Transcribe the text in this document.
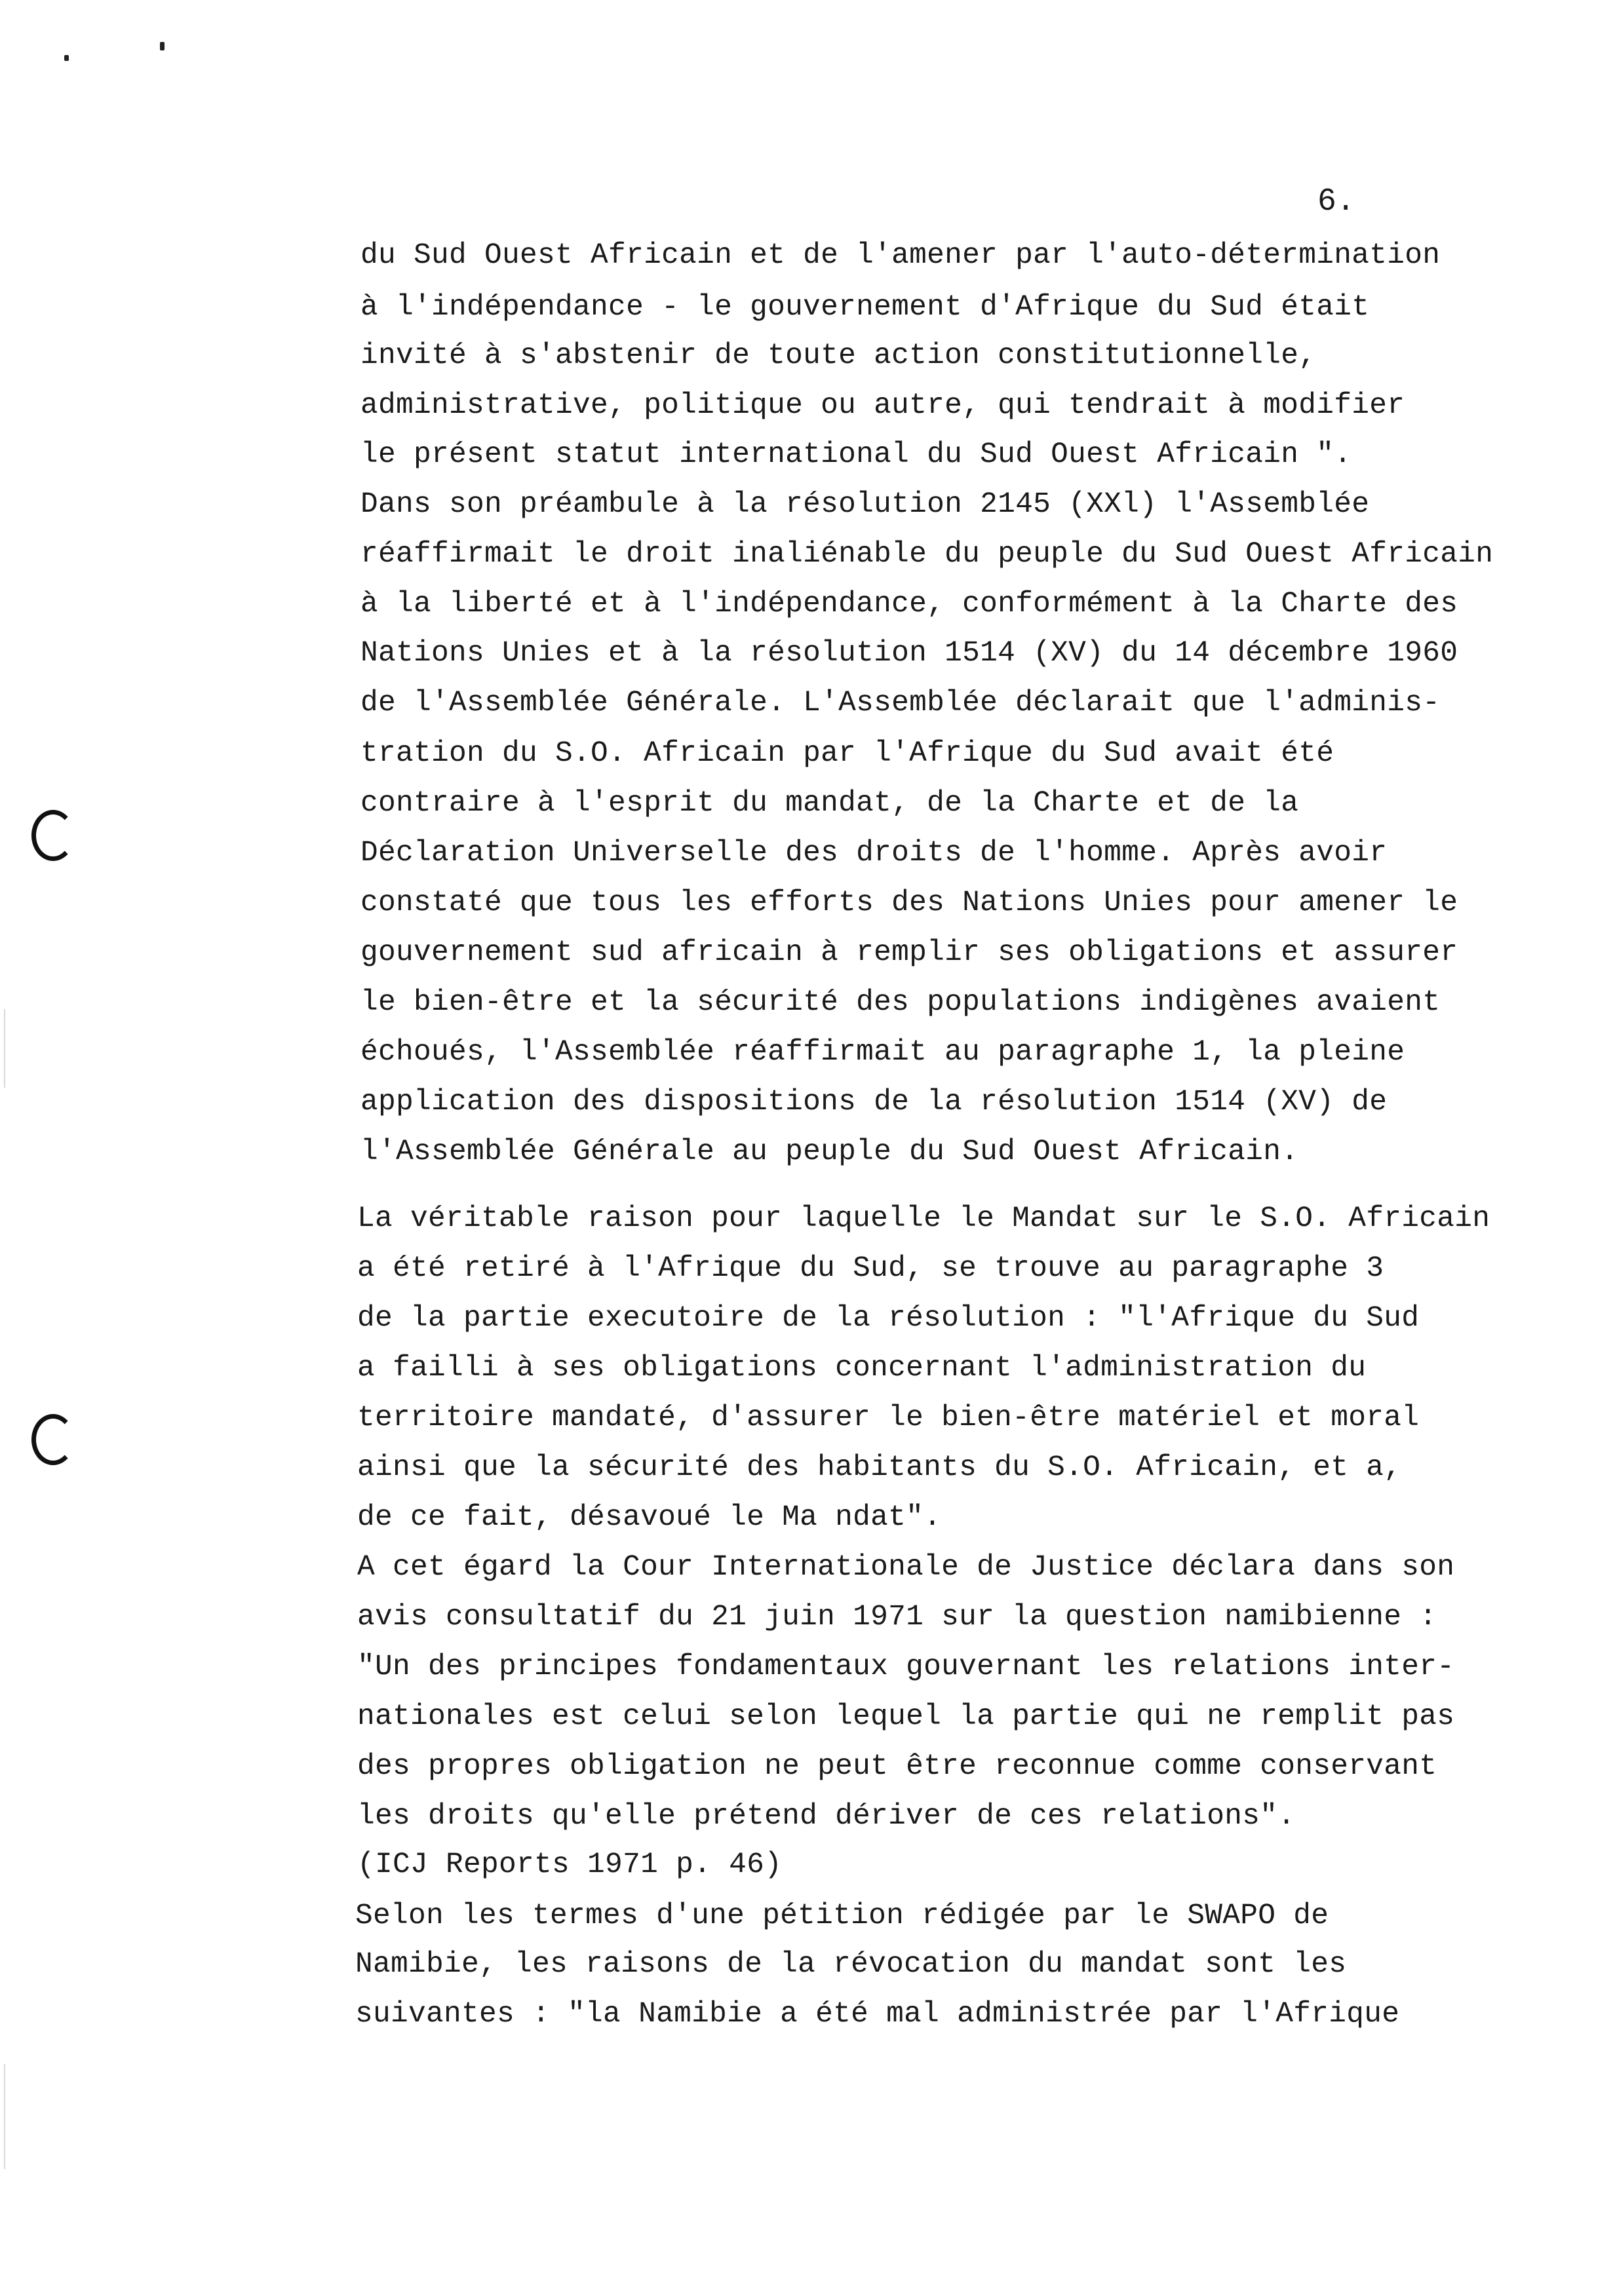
6.
du Sud Ouest Africain et de l'amener par l'auto-détermination
à l'indépendance - le gouvernement d'Afrique du Sud était
invité à s'abstenir de toute action constitutionnelle,
administrative, politique ou autre, qui tendrait à modifier
le présent statut international du Sud Ouest Africain ".
Dans son préambule à la résolution 2145 (XXl) l'Assemblée
réaffirmait le droit inaliénable du peuple du Sud Ouest Africain
à la liberté et à l'indépendance, conformément à la Charte des
Nations Unies et à la résolution 1514 (XV) du 14 décembre 1960
de l'Assemblée Générale. L'Assemblée déclarait que l'adminis-
tration du S.O. Africain par l'Afrique du Sud avait été
contraire à l'esprit du mandat, de la Charte et de la
Déclaration Universelle des droits de l'homme. Après avoir
constaté que tous les efforts des Nations Unies pour amener le
gouvernement sud africain à remplir ses obligations et assurer
le bien-être et la sécurité des populations indigènes avaient
échoués, l'Assemblée réaffirmait au paragraphe 1, la pleine
application des dispositions de la résolution 1514 (XV) de
l'Assemblée Générale au peuple du Sud Ouest Africain.
La véritable raison pour laquelle le Mandat sur le S.O. Africain
a été retiré à l'Afrique du Sud, se trouve au paragraphe 3
de la partie executoire de la résolution : "l'Afrique du Sud
a failli à ses obligations concernant l'administration du
territoire mandaté, d'assurer le bien-être matériel et moral
ainsi que la sécurité des habitants du S.O. Africain, et a,
de ce fait, désavoué le Ma ndat".
A cet égard la Cour Internationale de Justice déclara dans son
avis consultatif du 21 juin 1971 sur la question namibienne :
"Un des principes fondamentaux gouvernant les relations inter-
nationales est celui selon lequel la partie qui ne remplit pas
des propres obligation ne peut être reconnue comme conservant
les droits qu'elle prétend dériver de ces relations".
(ICJ Reports 1971 p. 46)
Selon les termes d'une pétition rédigée par le SWAPO de
Namibie, les raisons de la révocation du mandat sont les
suivantes : "la Namibie a été mal administrée par l'Afrique
